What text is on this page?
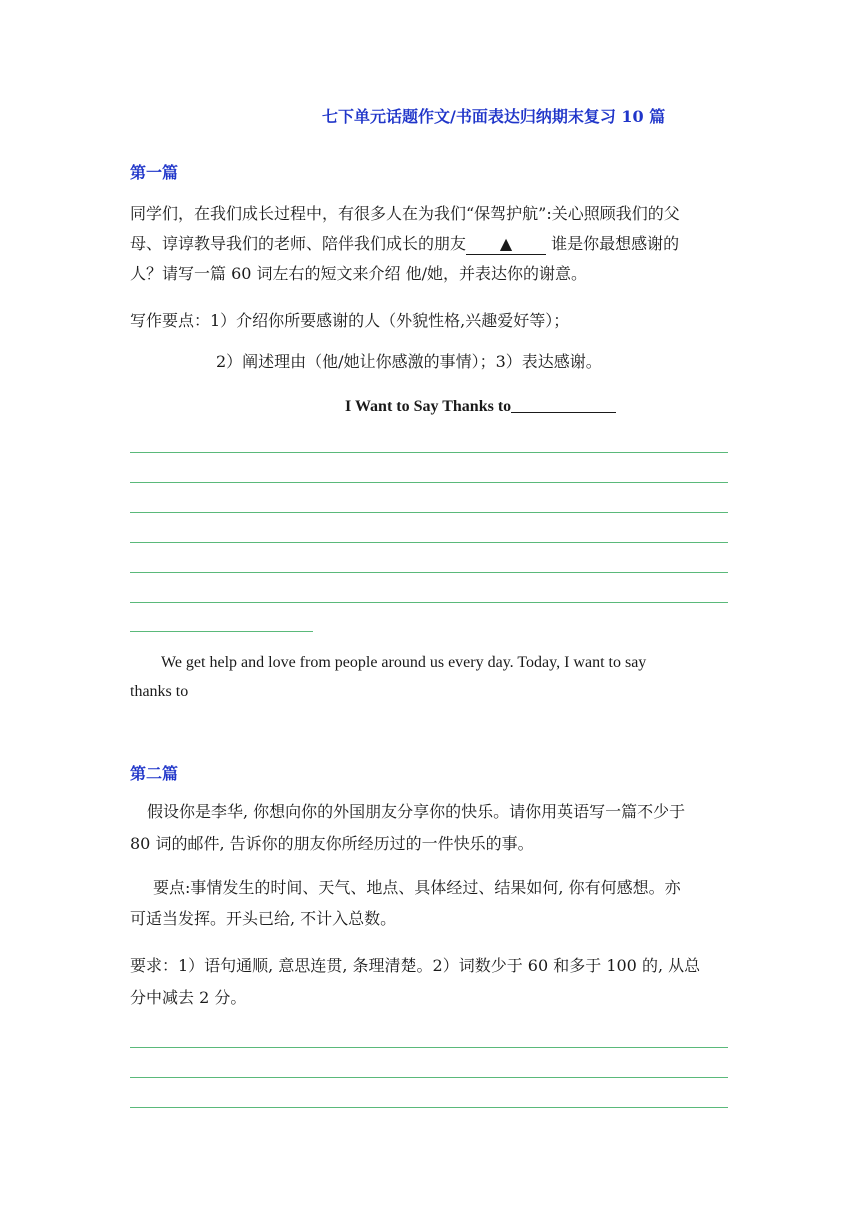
七下单元话题作文/书面表达归纳期末复习 10 篇
第一篇
同学们，在我们成长过程中，有很多人在为我们“保驾护航”:关心照顾我们的父
母、谆谆教导我们的老师、陪伴我们成长的朋友 ▲ 谁是你最想感谢的
人？请写一篇 60 词左右的短文来介绍 他/她，并表达你的谢意。
写作要点：1）介绍你所要感谢的人（外貌性格,兴趣爱好等）；
2）阐述理由（他/她让你感激的事情）；3）表达感谢。
I Want to Say Thanks to
We get help and love from people around us every day. Today, I want to say
thanks to
第二篇
假设你是李华, 你想向你的外国朋友分享你的快乐。请你用英语写一篇不少于
80 词的邮件, 告诉你的朋友你所经历过的一件快乐的事。
要点:事情发生的时间、天气、地点、具体经过、结果如何, 你有何感想。亦
可适当发挥。开头已给, 不计入总数。
要求：1）语句通顺, 意思连贯, 条理清楚。2）词数少于 60 和多于 100 的, 从总
分中减去 2 分。
